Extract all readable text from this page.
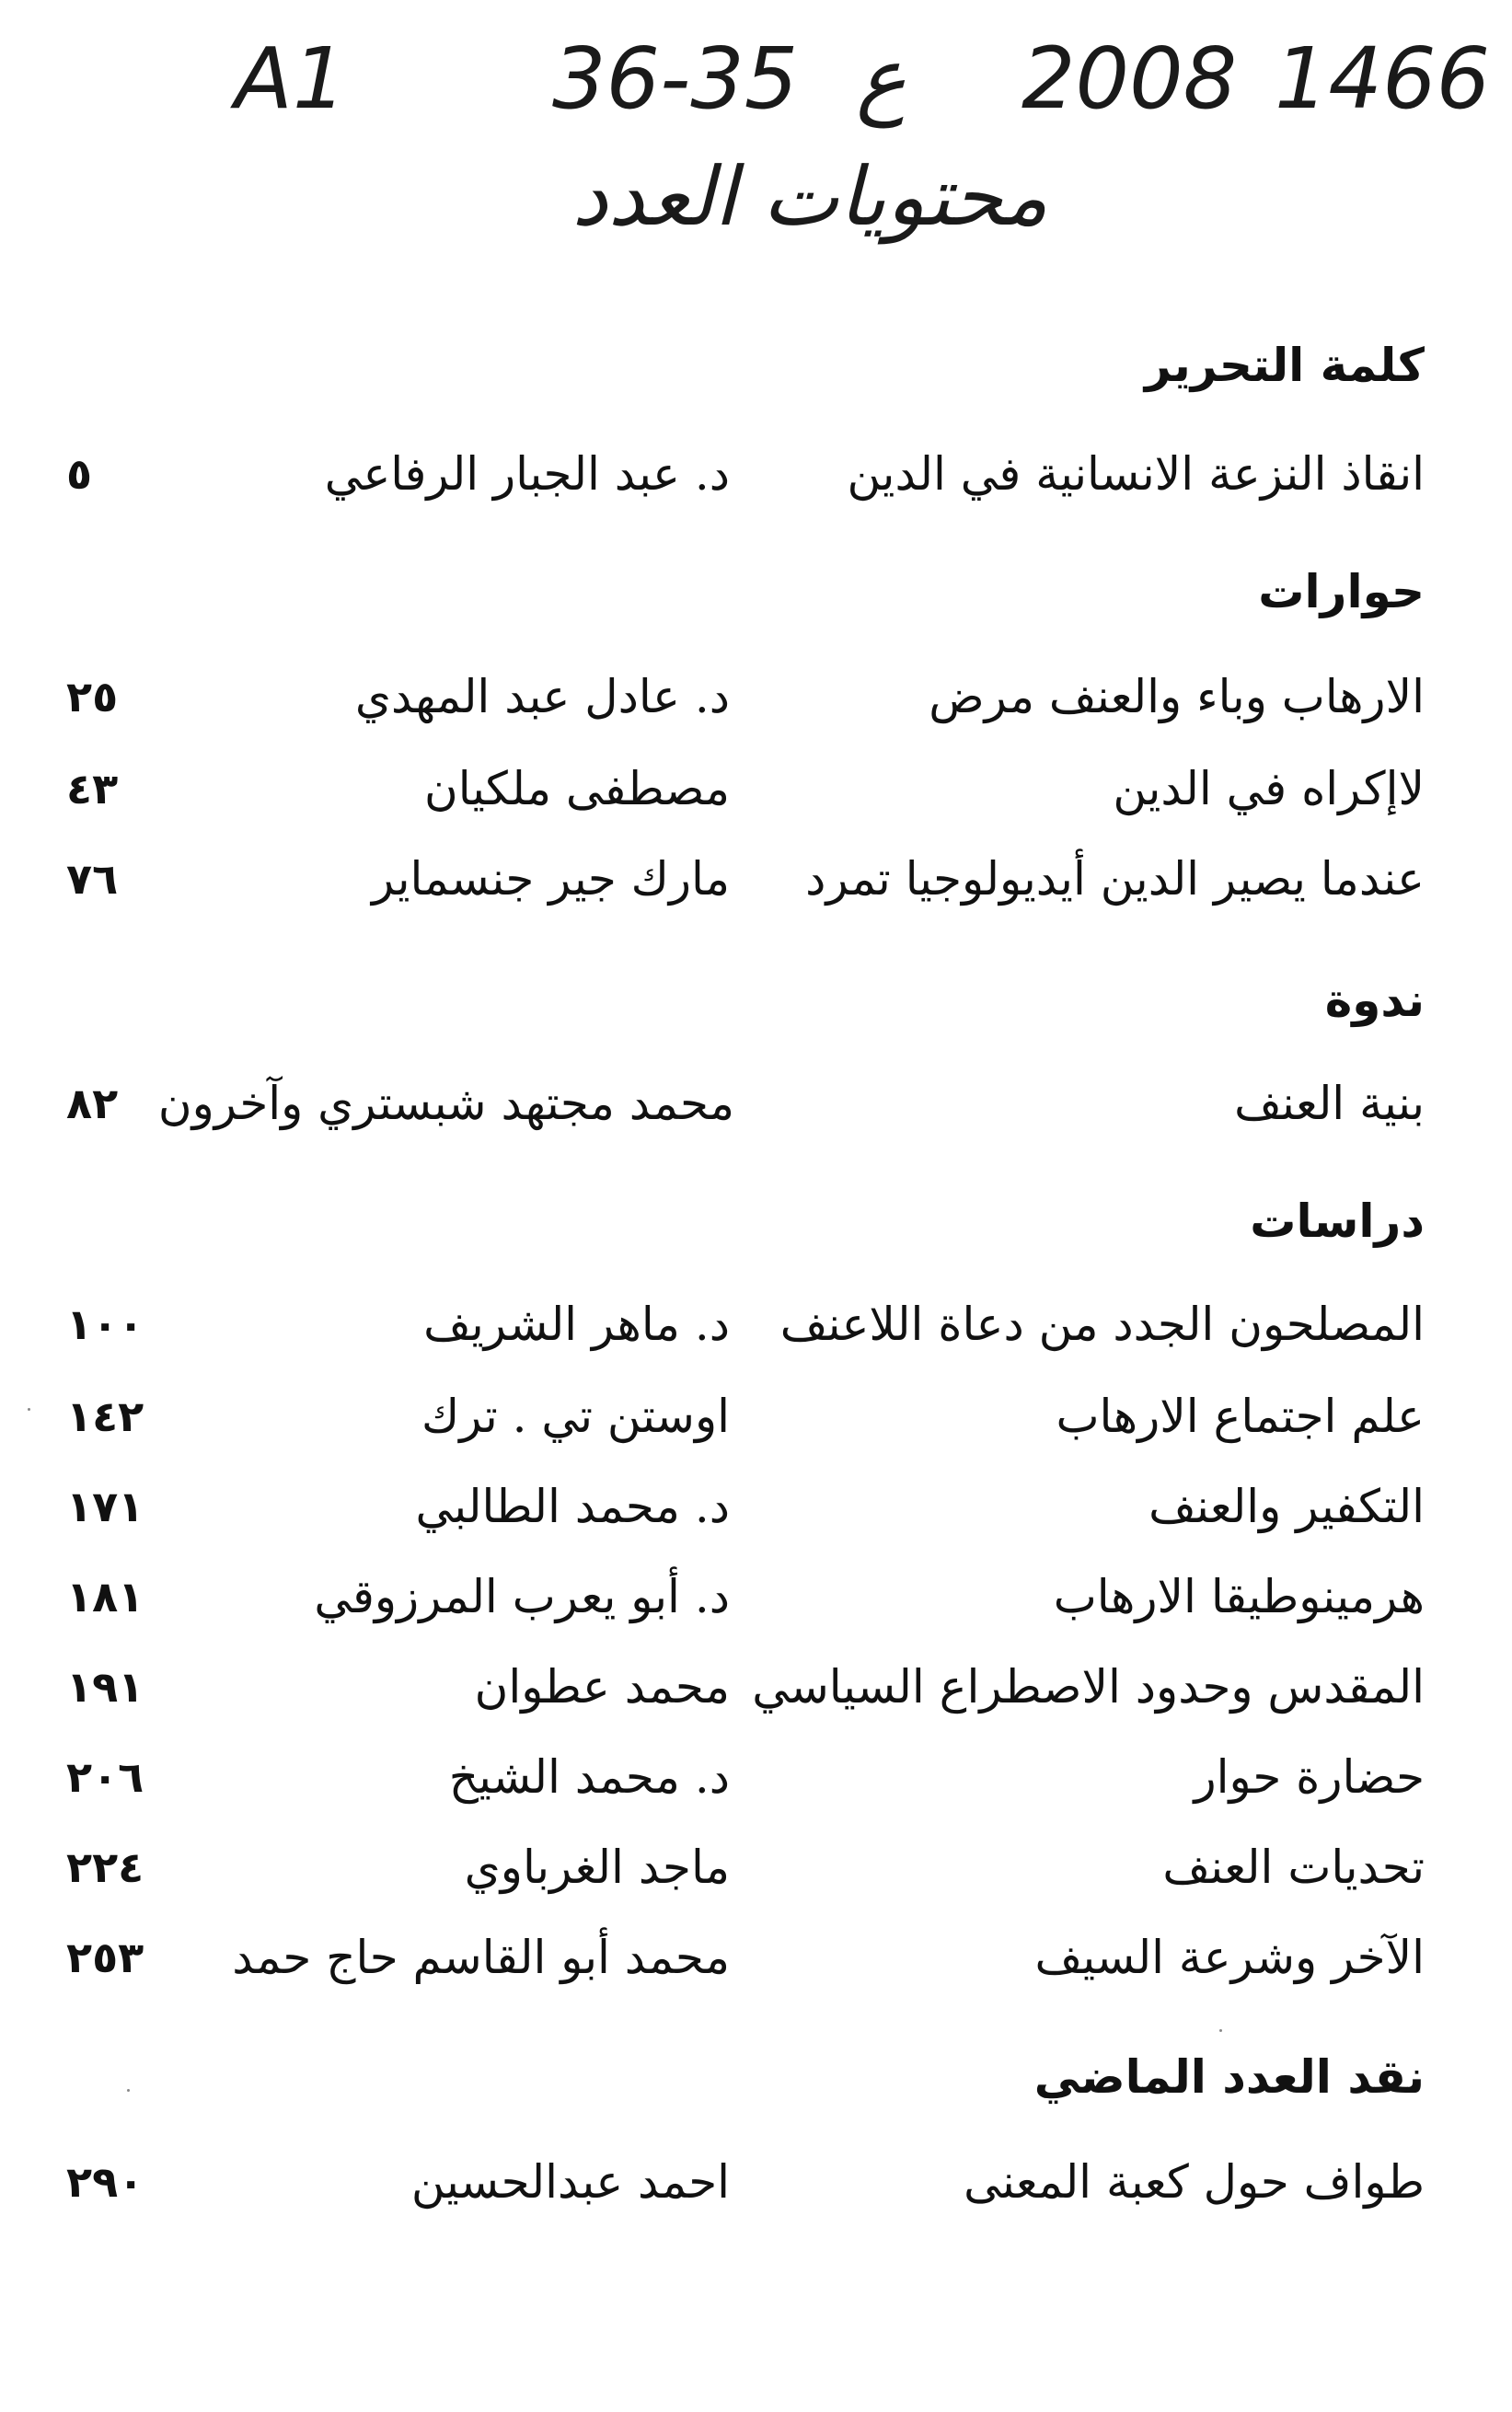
A1 36-35 ع 2008 1466
محتويات العدد
كلمة التحرير
انقاذ النزعة الانسانية في الدين
د. عبد الجبار الرفاعي
٥
حوارات
الارهاب وباء والعنف مرض
د. عادل عبد المهدي
٢٥
لاإكراه في الدين
مصطفى ملكيان
٤٣
عندما يصير الدين أيديولوجيا تمرد
مارك جير جنسماير
٧٦
ندوة
بنية العنف
محمد مجتهد شبستري وآخرون
٨٢
دراسات
المصلحون الجدد من دعاة اللاعنف
د. ماهر الشريف
١٠٠
علم اجتماع الارهاب
اوستن تي . ترك
١٤٢
التكفير والعنف
د. محمد الطالبي
١٧١
هرمينوطيقا الارهاب
د. أبو يعرب المرزوقي
١٨١
المقدس وحدود الاصطراع السياسي
محمد عطوان
١٩١
حضارة حوار
د. محمد الشيخ
٢٠٦
تحديات العنف
ماجد الغرباوي
٢٢٤
الآخر وشرعة السيف
محمد أبو القاسم حاج حمد
٢٥٣
نقد العدد الماضي
طواف حول كعبة المعنى
احمد عبدالحسين
٢٩٠
